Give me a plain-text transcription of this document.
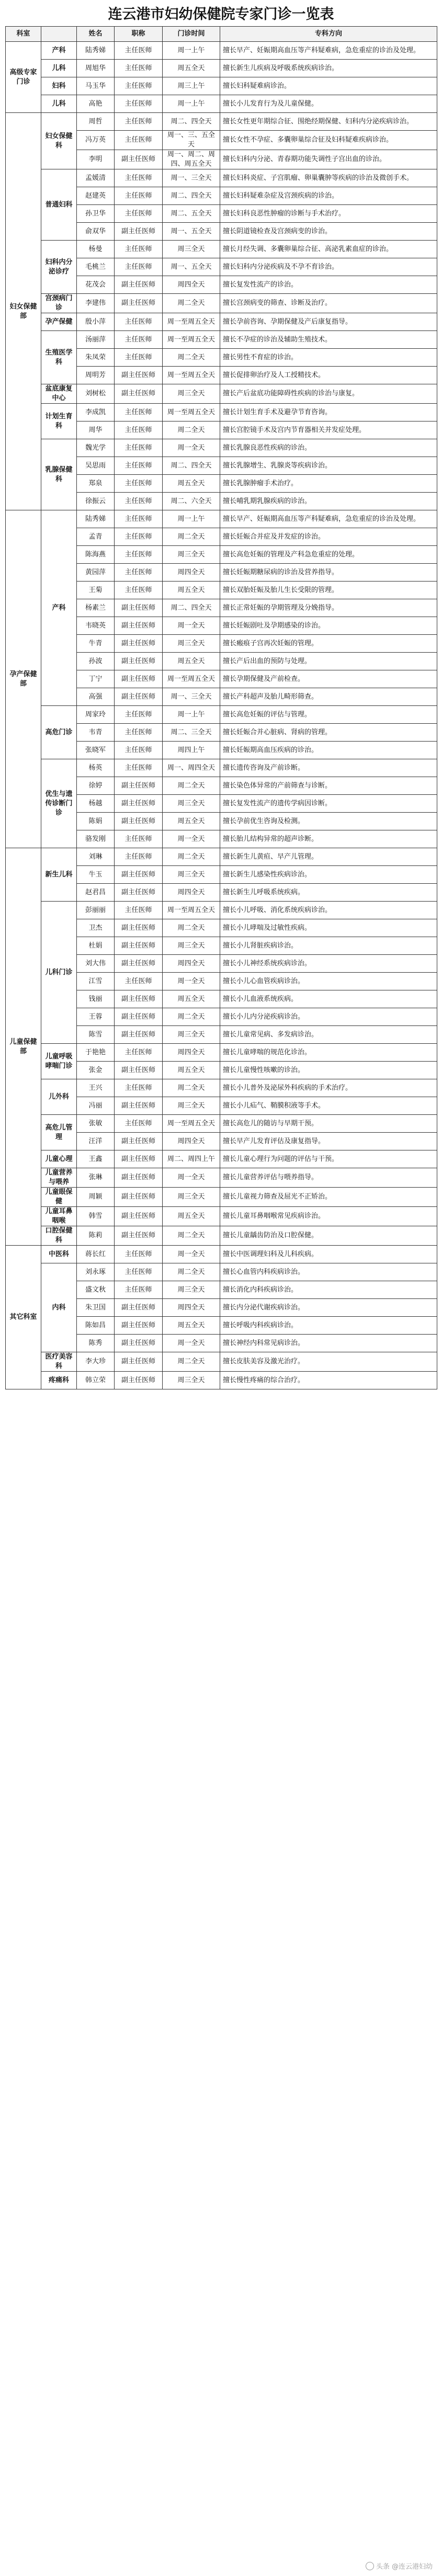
连云港市妇幼保健院专家门诊一览表
科室		姓名	职称	门诊时间	专科方向
高级专家门诊	产科	陆秀娣	主任医师	周一上午	擅长早产、妊娠期高血压等产科疑难病，急危重症的诊治及处理。
	儿科	周旭华	主任医师	周五全天	擅长新生儿疾病及呼吸系统疾病诊治。
	妇科	马玉华	主任医师	周三上午	擅长妇科疑难病诊治。
	儿科	高艳	主任医师	周一上午	擅长小儿发育行为及儿童保健。
妇女保健部	妇女保健科	周哲	主任医师	周二、四全天	擅长女性更年期综合征、围绝经期保健、妇科内分泌疾病诊治。
		冯万英	主任医师	周一、三、五全天	擅长女性不孕症、多囊卵巢综合征及妇科疑难疾病诊治。
		李明	副主任医师	周一、周二、周四、周五全天	擅长妇科内分泌、青春期功能失调性子宫出血的诊治。
	普通妇科	孟媛清	主任医师	周一、三全天	擅长妇科炎症、子宫肌瘤、卵巢囊肿等疾病的诊治及微创手术。
		赵建英	主任医师	周二、四全天	擅长妇科疑难杂症及宫颈疾病的诊治。
		孙卫华	主任医师	周二、五全天	擅长妇科良恶性肿瘤的诊断与手术治疗。
		俞双华	副主任医师	周一、五全天	擅长阴道镜检查及宫颈病变的诊治。
	妇科内分泌诊疗	杨曼	主任医师	周三全天	擅长月经失调、多囊卵巢综合征、高泌乳素血症的诊治。
		毛桃兰	主任医师	周一、五全天	擅长妇科内分泌疾病及不孕不育诊治。
		花茂会	副主任医师	周四全天	擅长复发性流产的诊治。
	宫颈病门诊	李建伟	副主任医师	周二全天	擅长宫颈病变的筛查、诊断及治疗。
	孕产保健	殷小萍	主任医师	周一至周五全天	擅长孕前咨询、孕期保健及产后康复指导。
	生殖医学科	汤丽萍	主任医师	周一至周五全天	擅长不孕症的诊治及辅助生殖技术。
		朱凤荣	主任医师	周二全天	擅长男性不育症的诊治。
		周明芳	副主任医师	周一至周五全天	擅长促排卵治疗及人工授精技术。
	盆底康复中心	刘树松	副主任医师	周三全天	擅长产后盆底功能障碍性疾病的诊治与康复。
	计划生育科	李成凯	主任医师	周一至周五全天	擅长计划生育手术及避孕节育咨询。
		周华	主任医师	周二全天	擅长宫腔镜手术及宫内节育器相关并发症处理。
	乳腺保健科	魏光学	主任医师	周一全天	擅长乳腺良恶性疾病的诊治。
		吴思雨	主任医师	周二、四全天	擅长乳腺增生、乳腺炎等疾病诊治。
		郑泉	主任医师	周五全天	擅长乳腺肿瘤手术治疗。
		徐振云	主任医师	周二、六全天	擅长哺乳期乳腺疾病的诊治。
孕产保健部	产科	陆秀娣	主任医师	周一上午	擅长早产、妊娠期高血压等产科疑难病，急危重症的诊治及处理。
		孟青	主任医师	周二全天	擅长妊娠合并症及并发症的诊治。
		陈海燕	主任医师	周三全天	擅长高危妊娠的管理及产科急危重症的处理。
		黄园萍	主任医师	周四全天	擅长妊娠期糖尿病的诊治及营养指导。
		王菊	主任医师	周五全天	擅长双胎妊娠及胎儿生长受限的管理。
		杨素兰	副主任医师	周二、四全天	擅长正常妊娠的孕期管理及分娩指导。
		韦晓英	副主任医师	周一全天	擅长妊娠剧吐及孕期感染的诊治。
		牛青	副主任医师	周三全天	擅长瘢痕子宫再次妊娠的管理。
		孙波	副主任医师	周五全天	擅长产后出血的预防与处理。
		丁宁	副主任医师	周一至周五全天	擅长孕期保健及产前检查。
		高强	副主任医师	周一、三全天	擅长产科超声及胎儿畸形筛查。
	高危门诊	周家玲	主任医师	周一上午	擅长高危妊娠的评估与管理。
		韦青	主任医师	周二、三全天	擅长妊娠合并心脏病、肾病的管理。
		张晓军	主任医师	周四上午	擅长妊娠期高血压疾病的诊治。
	优生与遗传诊断门诊	杨英	主任医师	周一、周四全天	擅长遗传咨询及产前诊断。
		徐婷	副主任医师	周二全天	擅长染色体异常的产前筛查与诊断。
		杨越	副主任医师	周三全天	擅长复发性流产的遗传学病因诊断。
		陈娟	副主任医师	周五全天	擅长孕前优生咨询及检测。
		骆发刚	主任医师	周一全天	擅长胎儿结构异常的超声诊断。
儿童保健部	新生儿科	刘琳	主任医师	周二全天	擅长新生儿黄疸、早产儿管理。
		牛玉	副主任医师	周三全天	擅长新生儿感染性疾病诊治。
		赵君昌	副主任医师	周四全天	擅长新生儿呼吸系统疾病。
	儿科门诊	彭丽丽	主任医师	周一至周五全天	擅长小儿呼吸、消化系统疾病诊治。
		卫杰	副主任医师	周二全天	擅长小儿哮喘及过敏性疾病。
		杜娟	副主任医师	周三全天	擅长小儿肾脏疾病诊治。
		刘大伟	副主任医师	周四全天	擅长小儿神经系统疾病诊治。
		江雪	主任医师	周一全天	擅长小儿心血管疾病诊治。
		钱丽	副主任医师	周五全天	擅长小儿血液系统疾病。
		王蓉	副主任医师	周二全天	擅长小儿内分泌疾病诊治。
		陈雪	副主任医师	周三全天	擅长儿童常见病、多发病诊治。
	儿童呼吸哮喘门诊	于艳艳	主任医师	周四全天	擅长儿童哮喘的规范化诊治。
		张金	副主任医师	周五全天	擅长儿童慢性咳嗽的诊治。
	儿外科	王兴	主任医师	周二全天	擅长小儿普外及泌尿外科疾病的手术治疗。
		冯丽	副主任医师	周三全天	擅长小儿疝气、鞘膜积液等手术。
	高危儿管理	张敏	主任医师	周一至周五全天	擅长高危儿的随访与早期干预。
		汪洋	副主任医师	周四全天	擅长早产儿发育评估及康复指导。
	儿童心理	王鑫	副主任医师	周二、周四上午	擅长儿童心理行为问题的评估与干预。
	儿童营养与喂养	张琳	副主任医师	周一全天	擅长儿童营养评估与喂养指导。
	儿童眼保健	周颖	副主任医师	周三全天	擅长儿童视力筛查及屈光不正矫治。
	儿童耳鼻咽喉	韩雪	副主任医师	周五全天	擅长儿童耳鼻咽喉常见疾病诊治。
	口腔保健科	陈莉	副主任医师	周二全天	擅长儿童龋齿防治及口腔保健。
其它科室	中医科	蒋长红	主任医师	周一全天	擅长中医调理妇科及儿科疾病。
	内科	刘永琢	主任医师	周二全天	擅长心血管内科疾病诊治。
		盛文秋	主任医师	周三全天	擅长消化内科疾病诊治。
		朱卫国	副主任医师	周四全天	擅长内分泌代谢疾病诊治。
		陈如昌	副主任医师	周五全天	擅长呼吸内科疾病诊治。
		陈秀	副主任医师	周一全天	擅长神经内科常见病诊治。
	医疗美容科	李大珍	副主任医师	周二全天	擅长皮肤美容及激光治疗。
	疼痛科	韩立荣	副主任医师	周三全天	擅长慢性疼痛的综合治疗。
头条 @连云港妇幼
